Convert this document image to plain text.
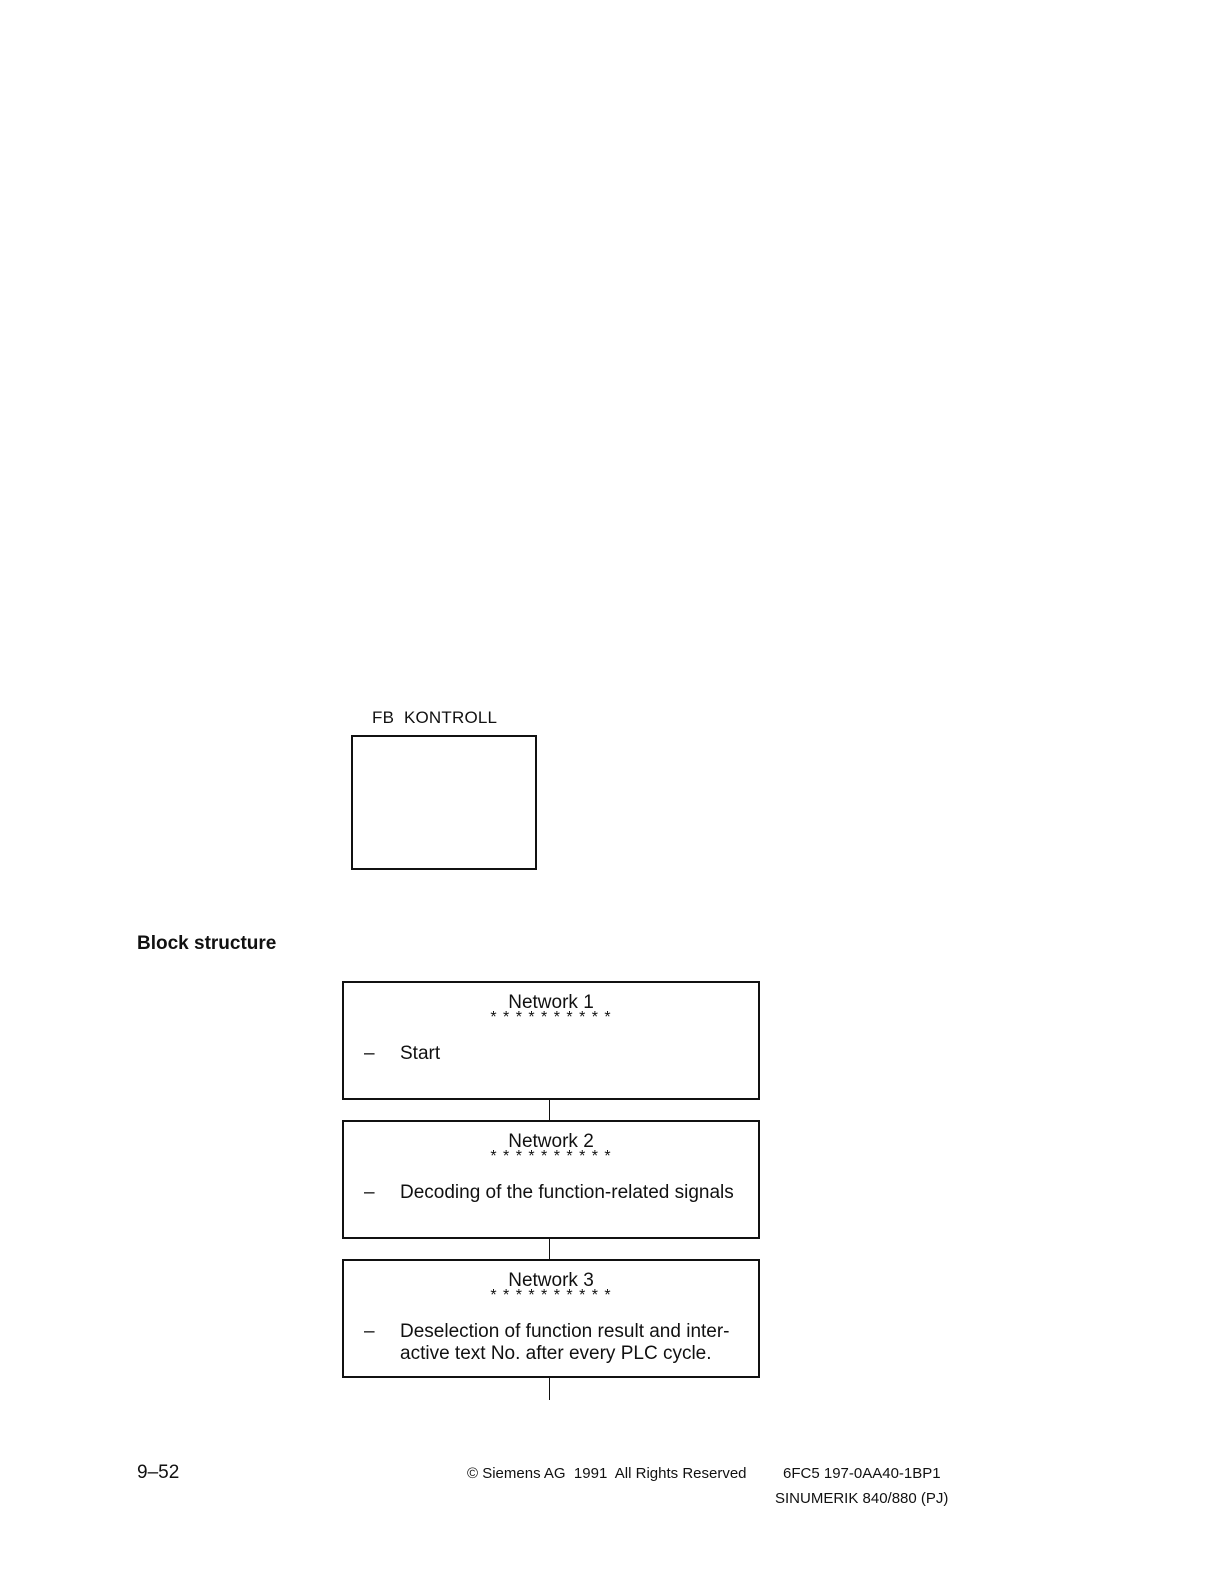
FB  KONTROLL
Block structure
Network 1
* * * * * * * * * *
– Start
Network 2
* * * * * * * * * *
– Decoding of the function-related signals
Network 3
* * * * * * * * * *
– Deselection of function result and inter-active text No. after every PLC cycle.
9–52	© Siemens AG  1991  All Rights Reserved 6FC5 197-0AA40-1BP1
SINUMERIK 840/880 (PJ)
